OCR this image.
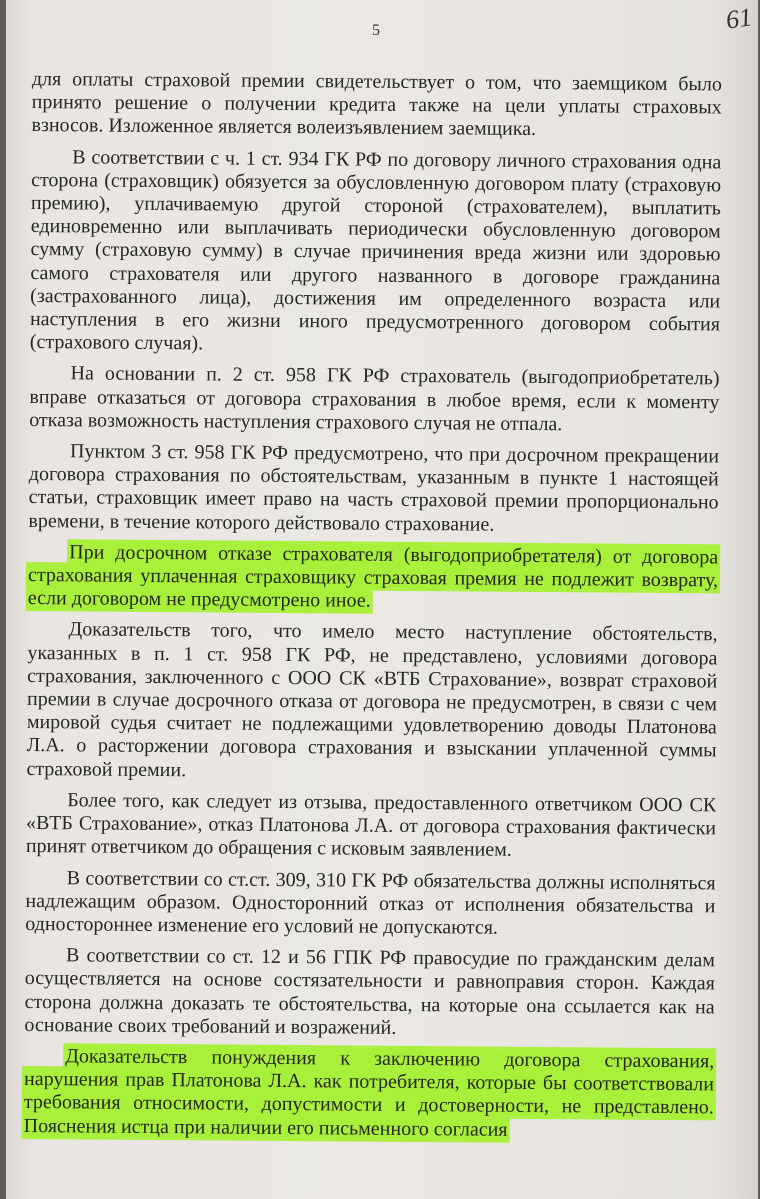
5	61

для оплаты страховой премии свидетельствует о том, что заемщиком было принято решение о получении кредита также на цели уплаты страховых взносов. Изложенное является волеизъявлением заемщика.

В соответствии с ч. 1 ст. 934 ГК РФ по договору личного страхования одна сторона (страховщик) обязуется за обусловленную договором плату (страховую премию), уплачиваемую другой стороной (страхователем), выплатить единовременно или выплачивать периодически обусловленную договором сумму (страховую сумму) в случае причинения вреда жизни или здоровью самого страхователя или другого названного в договоре гражданина (застрахованного лица), достижения им определенного возраста или наступления в его жизни иного предусмотренного договором события (страхового случая).

На основании п. 2 ст. 958 ГК РФ страхователь (выгодоприобретатель) вправе отказаться от договора страхования в любое время, если к моменту отказа возможность наступления страхового случая не отпала.

Пунктом 3 ст. 958 ГК РФ предусмотрено, что при досрочном прекращении договора страхования по обстоятельствам, указанным в пункте 1 настоящей статьи, страховщик имеет право на часть страховой премии пропорционально времени, в течение которого действовало страхование.

При досрочном отказе страхователя (выгодоприобретателя) от договора страхования уплаченная страховщику страховая премия не подлежит возврату, если договором не предусмотрено иное.

Доказательств того, что имело место наступление обстоятельств, указанных в п. 1 ст. 958 ГК РФ, не представлено, условиями договора страхования, заключенного с ООО СК «ВТБ Страхование», возврат страховой премии в случае досрочного отказа от договора не предусмотрен, в связи с чем мировой судья считает не подлежащими удовлетворению доводы Платонова Л.А. о расторжении договора страхования и взыскании уплаченной суммы страховой премии.

Более того, как следует из отзыва, предоставленного ответчиком ООО СК «ВТБ Страхование», отказ Платонова Л.А. от договора страхования фактически принят ответчиком до обращения с исковым заявлением.

В соответствии со ст.ст. 309, 310 ГК РФ обязательства должны исполняться надлежащим образом. Односторонний отказ от исполнения обязательства и одностороннее изменение его условий не допускаются.

В соответствии со ст. 12 и 56 ГПК РФ правосудие по гражданским делам осуществляется на основе состязательности и равноправия сторон. Каждая сторона должна доказать те обстоятельства, на которые она ссылается как на основание своих требований и возражений.

Доказательств понуждения к заключению договора страхования, нарушения прав Платонова Л.А. как потребителя, которые бы соответствовали требования относимости, допустимости и достоверности, не представлено. Пояснения истца при наличии его письменного согласия
